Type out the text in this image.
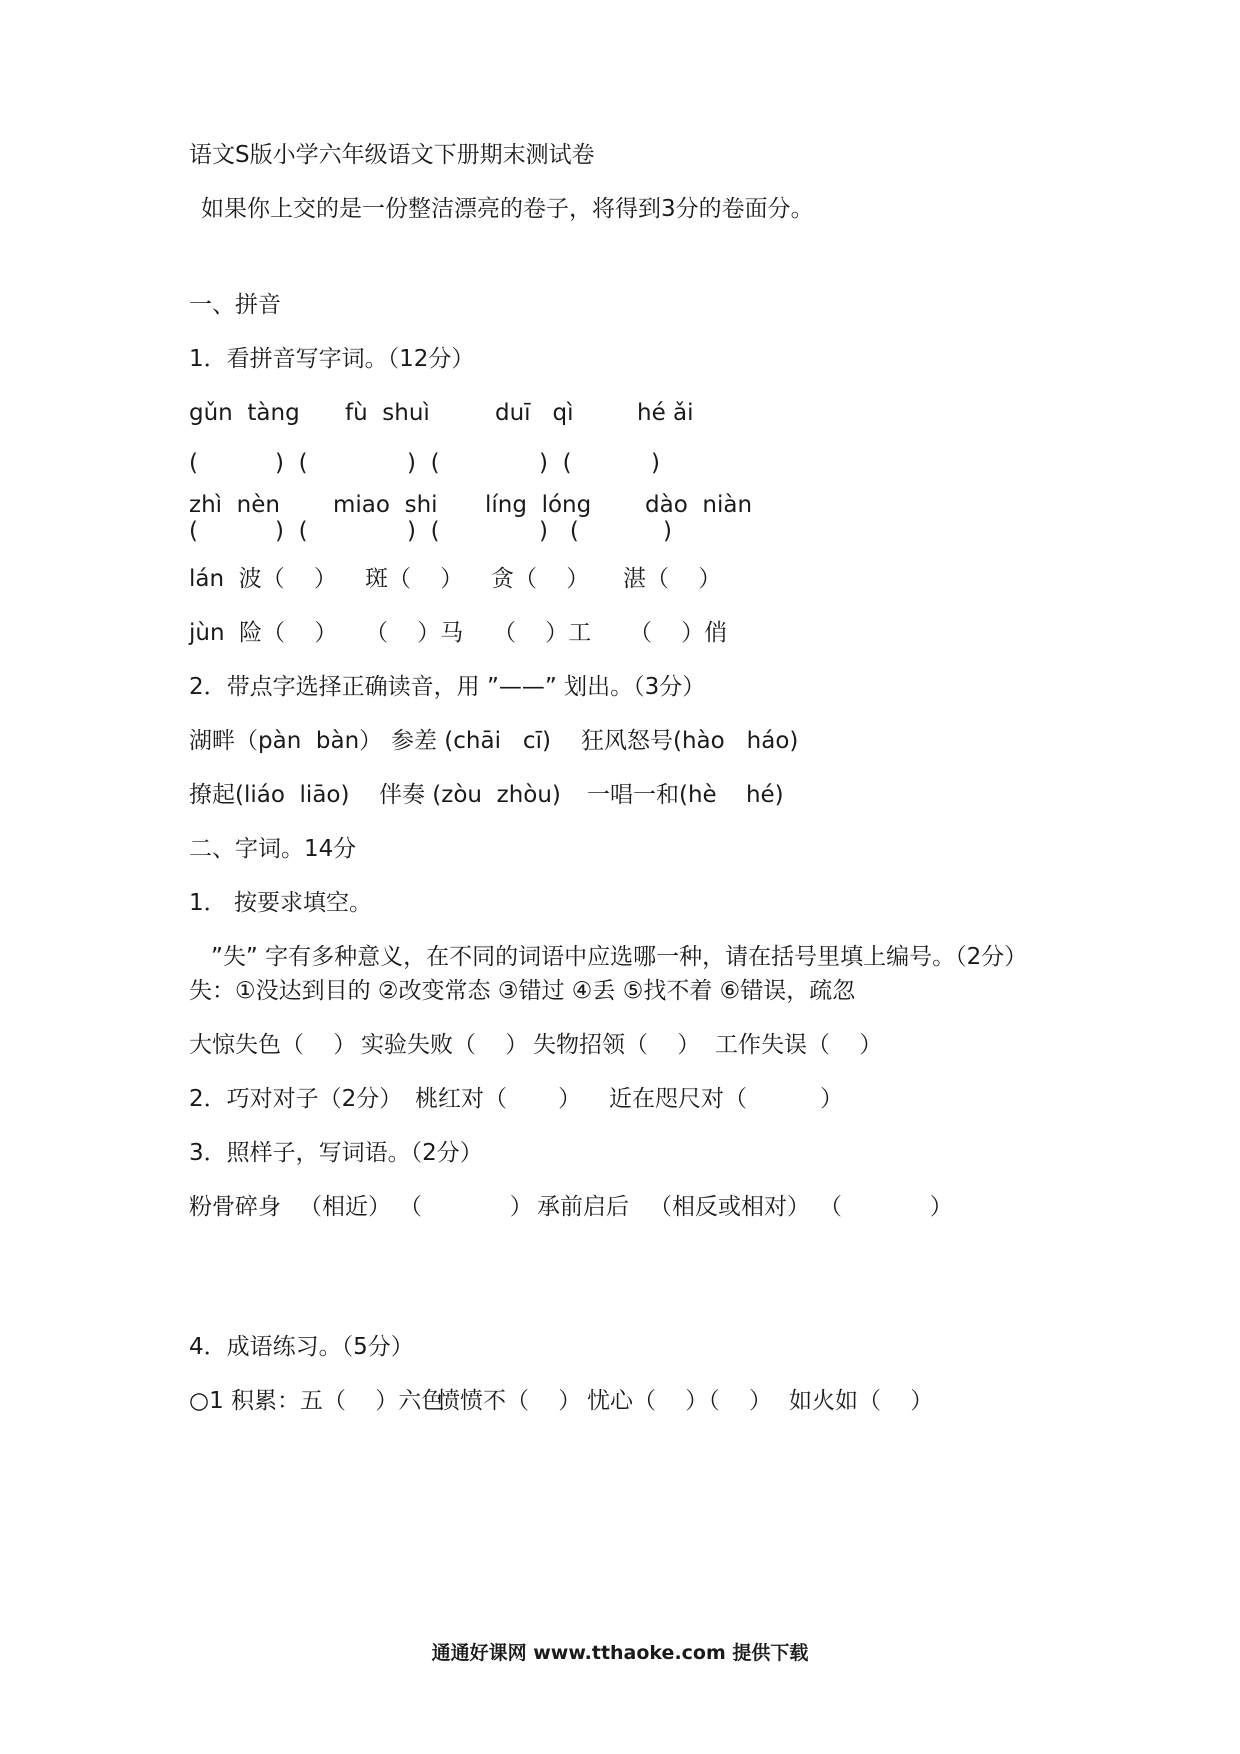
语文S版小学六年级语文下册期末测试卷
如果你上交的是一份整洁漂亮的卷子，将得到3分的卷面分。
一、拼音
1．看拼音写字词。（12分）
gǔn  tàng fù  shuì	duī   qì	hé ǎi
(	)  (	)  (	)  (	)
zhì  nèn miao  shi líng  lóng dào  niàn
(	)  (	)  (	)   (	)
lán  波（    ） 斑（    ） 贪（    ） 湛（    ）
jùn  险（    ） （    ）马 （    ）工 （    ）俏
2．带点字选择正确读音，用 ”——” 划出。（3分）
湖畔（pàn  bàn） 参差 (chāi   cī) 狂风怒号(hào   háo)
撩起(liáo  liāo) 伴奏 (zòu  zhòu) 一唱一和(hè    hé)
二、字词。14分
1． 按要求填空。
”失” 字有多种意义，在不同的词语中应选哪一种，请在括号里填上编号。（2分）
失：①没达到目的 ②改变常态 ③错过 ④丢 ⑤找不着 ⑥错误，疏忽
大惊失色（    ） 实验失败（    ） 失物招领（    ） 工作失误（    ）
2．巧对对子（2分） 桃红对（       ） 近在咫尺对（          ）
3．照样子，写词语。（2分）
粉骨碎身 （相近） （            ） 承前启后 （相反或相对） （            ）
4．成语练习。（5分）
○1 积累：五（    ）六色
愤愤不（    ） 忧心（    ）（    ） 如火如（    ）
通通好课网 www.tthaoke.com 提供下载
